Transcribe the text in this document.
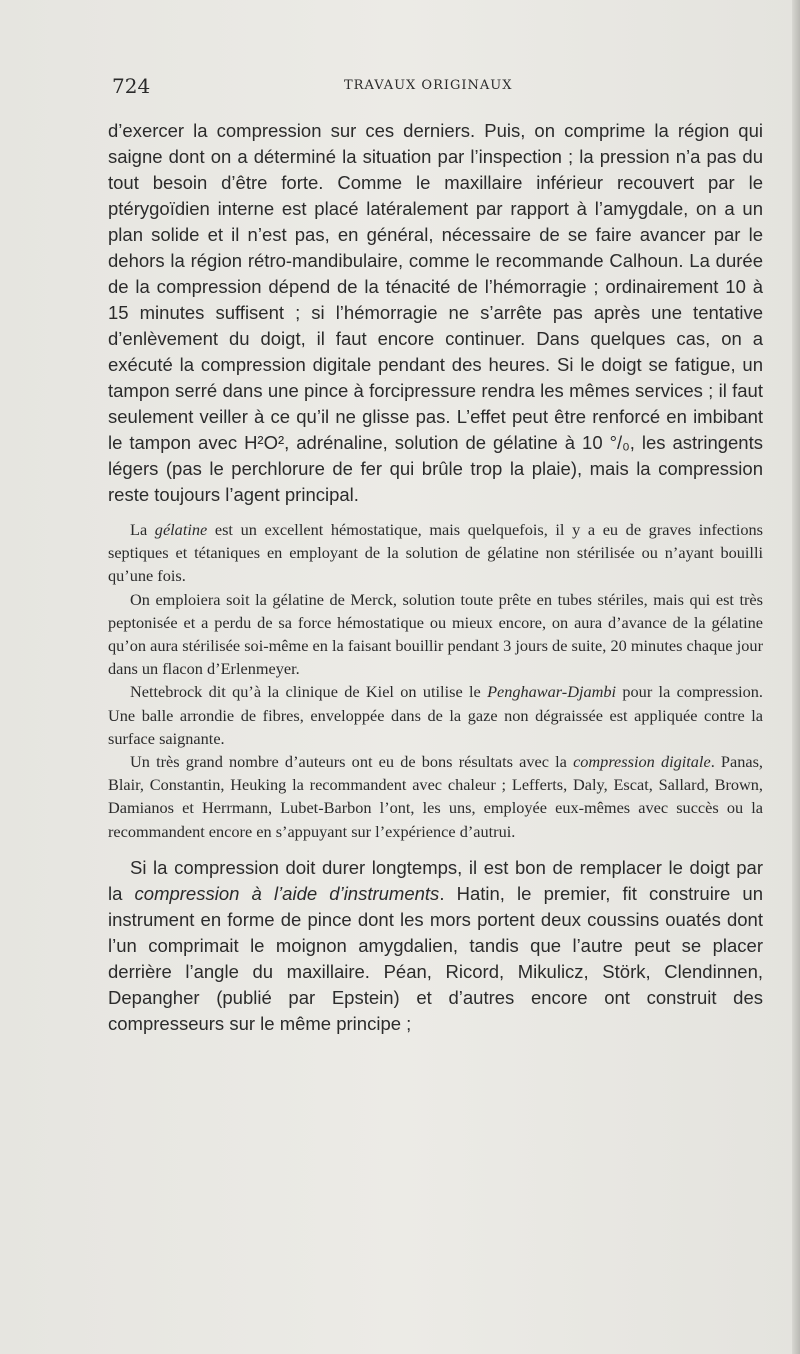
724	TRAVAUX ORIGINAUX

d’exercer la compression sur ces derniers. Puis, on comprime la région qui saigne dont on a déterminé la situation par l’inspection ; la pression n’a pas du tout besoin d’être forte. Comme le maxillaire inférieur recouvert par le ptérygoïdien interne est placé latéralement par rapport à l’amygdale, on a un plan solide et il n’est pas, en général, nécessaire de se faire avancer par le dehors la région rétro-mandibulaire, comme le recommande Calhoun. La durée de la compression dépend de la ténacité de l’hémorragie ; ordinairement 10 à 15 minutes suffisent ; si l’hémorragie ne s’arrête pas après une tentative d’enlèvement du doigt, il faut encore continuer. Dans quelques cas, on a exécuté la compression digitale pendant des heures. Si le doigt se fatigue, un tampon serré dans une pince à forcipressure rendra les mêmes services ; il faut seulement veiller à ce qu’il ne glisse pas. L’effet peut être renforcé en imbibant le tampon avec H²O², adrénaline, solution de gélatine à 10 °/₀, les astringents légers (pas le perchlorure de fer qui brûle trop la plaie), mais la compression reste toujours l’agent principal.

La gélatine est un excellent hémostatique, mais quelquefois, il y a eu de graves infections septiques et tétaniques en employant de la solution de gélatine non stérilisée ou n’ayant bouilli qu’une fois.

On emploiera soit la gélatine de Merck, solution toute prête en tubes stériles, mais qui est très peptonisée et a perdu de sa force hémostatique ou mieux encore, on aura d’avance de la gélatine qu’on aura stérilisée soi-même en la faisant bouillir pendant 3 jours de suite, 20 minutes chaque jour dans un flacon d’Erlenmeyer.

Nettebrock dit qu’à la clinique de Kiel on utilise le Penghawar-Djambi pour la compression. Une balle arrondie de fibres, enveloppée dans de la gaze non dégraissée est appliquée contre la surface saignante.

Un très grand nombre d’auteurs ont eu de bons résultats avec la compression digitale. Panas, Blair, Constantin, Heuking la recommandent avec chaleur ; Lefferts, Daly, Escat, Sallard, Brown, Damianos et Herrmann, Lubet-Barbon l’ont, les uns, employée eux-mêmes avec succès ou la recommandent encore en s’appuyant sur l’expérience d’autrui.

Si la compression doit durer longtemps, il est bon de remplacer le doigt par la compression à l’aide d’instruments. Hatin, le premier, fit construire un instrument en forme de pince dont les mors portent deux coussins ouatés dont l’un comprimait le moignon amygdalien, tandis que l’autre peut se placer derrière l’angle du maxillaire. Péan, Ricord, Mikulicz, Störk, Clendinnen, Depangher (publié par Epstein) et d’autres encore ont construit des compresseurs sur le même principe ;
